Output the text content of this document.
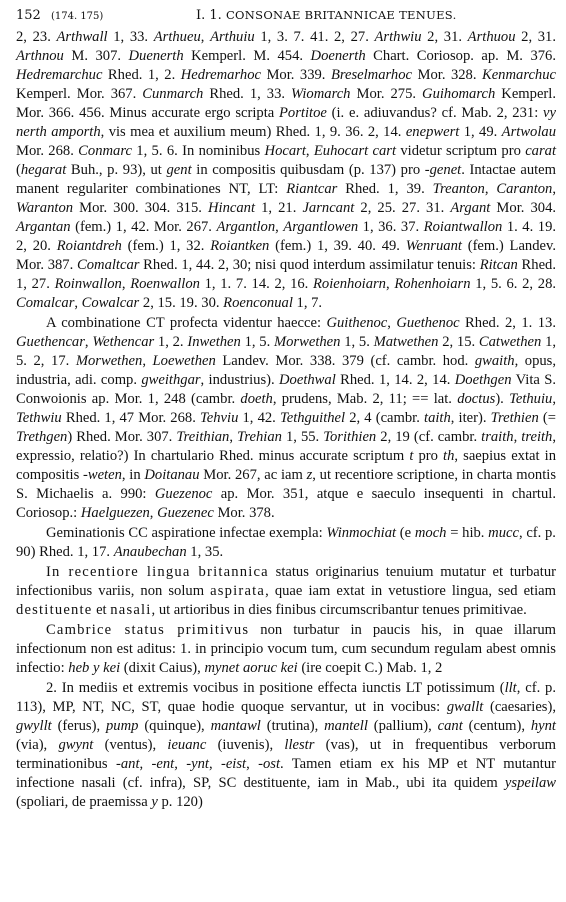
152 (174. 175)	I. 1. CONSONAE BRITANNICAE TENUES.

2, 23. Arthwall 1, 33. Arthueu, Arthuiu 1, 3. 7. 41. 2, 27. Arthwiu 2, 31. Arthuou 2, 31. Arthnou M. 307. Duenerth Kemperl. M. 454. Doenerth Chart. Coriosop. ap. M. 376. Hedremarchuc Rhed. 1, 2. Hedremarhoc Mor. 339. Breselmarhoc Mor. 328. Kenmarchuc Kemperl. Mor. 367. Cunmarch Rhed. 1, 33. Wiomarch Mor. 275. Guihomarch Kemperl. Mor. 366. 456. Minus accurate ergo scripta Portitoe (i. e. adiuvandus? cf. Mab. 2, 231: vy nerth amporth, vis mea et auxilium meum) Rhed. 1, 9. 36. 2, 14. enepwert 1, 49. Artwolau Mor. 268. Conmarc 1, 5. 6. In nominibus Hocart, Euhocart cart videtur scriptum pro carat (hegarat Buh., p. 93), ut gent in compositis quibusdam (p. 137) pro -genet. Intactae autem manent regulariter combinationes NT, LT: Riantcar Rhed. 1, 39. Treanton, Caranton, Waranton Mor. 300. 304. 315. Hincant 1, 21. Jarncant 2, 25. 27. 31. Argant Mor. 304. Argantan (fem.) 1, 42. Mor. 267. Argantlon, Argantlowen 1, 36. 37. Roiantwallon 1. 4. 19. 2, 20. Roiantdreh (fem.) 1, 32. Roiantken (fem.) 1, 39. 40. 49. Wenruant (fem.) Landev. Mor. 387. Comaltcar Rhed. 1, 44. 2, 30; nisi quod interdum assimilatur tenuis: Ritcan Rhed. 1, 27. Roinwallon, Roenwallon 1, 1. 7. 14. 2, 16. Roienhoiarn, Rohenhoiarn 1, 5. 6. 2, 28. Comalcar, Cowalcar 2, 15. 19. 30. Roenconual 1, 7.

A combinatione CT profecta videntur haecce: Guithenoc, Guethenoc Rhed. 2, 1. 13. Guethencar, Wethencar 1, 2. Inwethen 1, 5. Morwethen 1, 5. Matwethen 2, 15. Catwethen 1, 5. 2, 17. Morwethen, Loewethen Landev. Mor. 338. 379 (cf. cambr. hod. gwaith, opus, industria, adi. comp. gweithgar, industrius). Doethwal Rhed. 1, 14. 2, 14. Doethgen Vita S. Conwoionis ap. Mor. 1, 248 (cambr. doeth, prudens, Mab. 2, 11; == lat. doctus). Tethuiu, Tethwiu Rhed. 1, 47 Mor. 268. Tehviu 1, 42. Tethguithel 2, 4 (cambr. taith, iter). Trethien (= Trethgen) Rhed. Mor. 307. Treithian, Trehian 1, 55. Torithien 2, 19 (cf. cambr. traith, treith, expressio, relatio?) In chartulario Rhed. minus accurate scriptum t pro th, saepius extat in compositis -weten, in Doitanau Mor. 267, ac iam z, ut recentiore scriptione, in charta montis S. Michaelis a. 990: Guezenoc ap. Mor. 351, atque e saeculo insequenti in chartul. Coriosop.: Haelguezen, Guezenec Mor. 378.

Geminationis CC aspiratione infectae exempla: Winmochiat (e moch = hib. mucc, cf. p. 90) Rhed. 1, 17. Anaubechan 1, 35.

In recentiore lingua britannica status originarius tenuium mutatur et turbatur infectionibus variis, non solum aspirata, quae iam extat in vetustiore lingua, sed etiam destituente et nasali, ut artioribus in dies finibus circumscribantur tenues primitivae.

Cambrice status primitivus non turbatur in paucis his, in quae illarum infectionum non est aditus: 1. in principio vocum tum, cum secundum regulam abest omnis infectio: heb y kei (dixit Caius), mynet aoruc kei (ire coepit C.) Mab. 1, 2

2. In mediis et extremis vocibus in positione effecta iunctis LT potissimum (llt, cf. p. 113), MP, NT, NC, ST, quae hodie quoque servantur, ut in vocibus: gwallt (caesaries), gwyllt (ferus), pump (quinque), mantawl (trutina), mantell (pallium), cant (centum), hynt (via), gwynt (ventus), ieuanc (iuvenis), llestr (vas), ut in frequentibus verborum terminationibus -ant, -ent, -ynt, -eist, -ost. Tamen etiam ex his MP et NT mutantur infectione nasali (cf. infra), SP, SC destituente, iam in Mab., ubi ita quidem yspeilaw (spoliari, de praemissa y p. 120)
